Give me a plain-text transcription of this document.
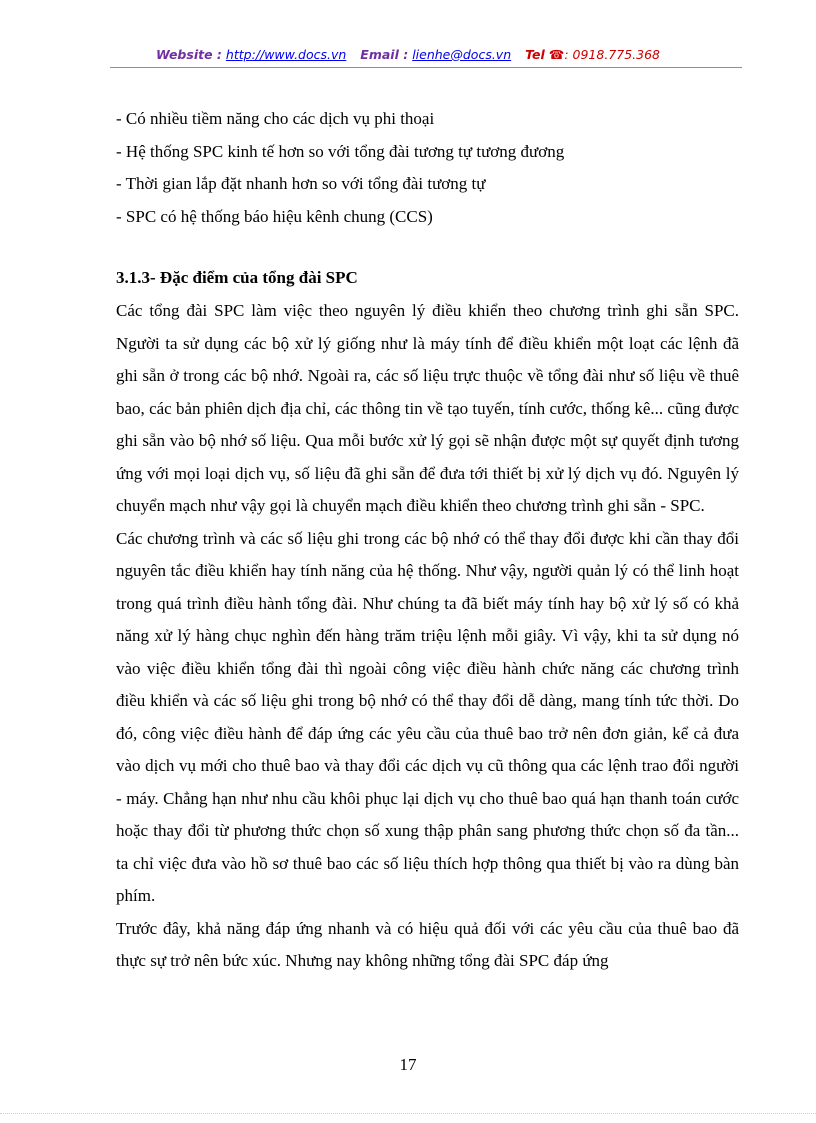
Website : http://www.docs.vn Email : lienhe@docs.vn Tel ☎: 0918.775.368
- Có nhiều tiềm năng cho các dịch vụ phi thoại
- Hệ thống SPC kinh tế hơn so với tổng đài tương tự tương đương
- Thời gian lắp đặt nhanh hơn so với tổng đài tương tự
- SPC có hệ thống báo hiệu kênh chung (CCS)
3.1.3- Đặc điểm của tổng đài SPC

Các tổng đài SPC làm việc theo nguyên lý điều khiển theo chương trình ghi sẵn SPC. Người ta sử dụng các bộ xử lý giống như là máy tính để điều khiển một loạt các lệnh đã ghi sẵn ở trong các bộ nhớ. Ngoài ra, các số liệu trực thuộc về tổng đài như số liệu về thuê bao, các bản phiên dịch địa chỉ, các thông tin về tạo tuyến, tính cước, thống kê... cũng được ghi sẵn vào bộ nhớ số liệu. Qua mỗi bước xử lý gọi sẽ nhận được một sự quyết định tương ứng với mọi loại dịch vụ, số liệu đã ghi sẵn để đưa tới thiết bị xử lý dịch vụ đó. Nguyên lý chuyển mạch như vậy gọi là chuyển mạch điều khiển theo chương trình ghi sẵn - SPC.

Các chương trình và các số liệu ghi trong các bộ nhớ có thể thay đổi được khi cần thay đổi nguyên tắc điều khiển hay tính năng của hệ thống. Như vậy, người quản lý có thể linh hoạt trong quá trình điều hành tổng đài. Như chúng ta đã biết máy tính hay bộ xử lý số có khả năng xử lý hàng chục nghìn đến hàng trăm triệu lệnh mỗi giây. Vì vậy, khi ta sử dụng nó vào việc điều khiển tổng đài thì ngoài công việc điều hành chức năng các chương trình điều khiển và các số liệu ghi trong bộ nhớ có thể thay đổi dễ dàng, mang tính tức thời. Do đó, công việc điều hành để đáp ứng các yêu cầu của thuê bao trở nên đơn giản, kể cả đưa vào dịch vụ mới cho thuê bao và thay đổi các dịch vụ cũ thông qua các lệnh trao đổi người - máy. Chẳng hạn như nhu cầu khôi phục lại dịch vụ cho thuê bao quá hạn thanh toán cước hoặc thay đổi từ phương thức chọn số xung thập phân sang phương thức chọn số đa tần... ta chỉ việc đưa vào hồ sơ thuê bao các số liệu thích hợp thông qua thiết bị vào ra dùng bàn phím.

Trước đây, khả năng đáp ứng nhanh và có hiệu quả đối với các yêu cầu của thuê bao đã thực sự trở nên bức xúc. Nhưng nay không những tổng đài SPC đáp ứng

17
